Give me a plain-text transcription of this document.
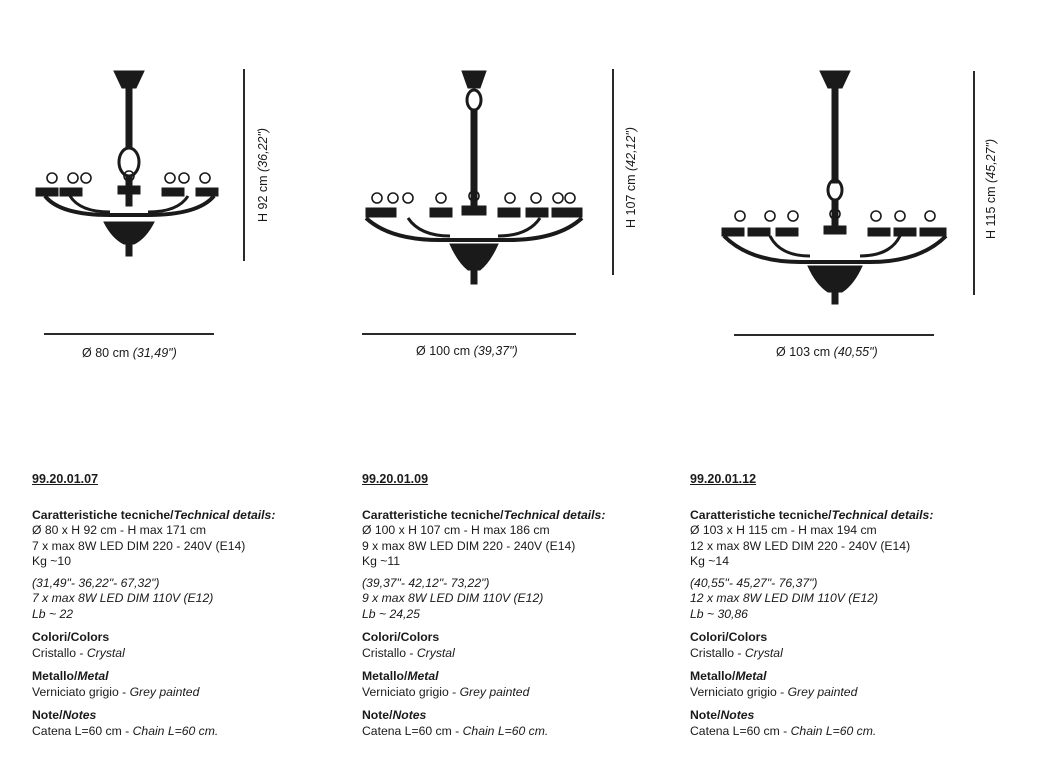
H 92 cm (36,22")
Ø 80 cm (31,49")
99.20.01.07
Caratteristiche tecniche/Technical details:
Ø 80 x H 92 cm - H max 171 cm
7 x max 8W LED DIM 220 - 240V (E14)
Kg ~10
(31,49"- 36,22"- 67,32")
7 x max 8W LED DIM 110V (E12)
Lb ~ 22
Colori/Colors
Cristallo - Crystal
Metallo/Metal
Verniciato grigio - Grey painted
Note/Notes
Catena L=60 cm - Chain L=60 cm.
H 107 cm (42,12")
Ø 100 cm (39,37")
99.20.01.09
Caratteristiche tecniche/Technical details:
Ø 100 x H 107 cm - H max 186 cm
9 x max 8W LED DIM 220 - 240V (E14)
Kg ~11
(39,37"- 42,12"- 73,22")
9 x max 8W LED DIM 110V (E12)
Lb ~ 24,25
Colori/Colors
Cristallo - Crystal
Metallo/Metal
Verniciato grigio - Grey painted
Note/Notes
Catena L=60 cm - Chain L=60 cm.
H 115 cm (45,27")
Ø 103 cm (40,55")
99.20.01.12
Caratteristiche tecniche/Technical details:
Ø 103 x H 115 cm - H max 194 cm
12 x max 8W LED DIM 220 - 240V (E14)
Kg ~14
(40,55"- 45,27"- 76,37")
12 x max 8W LED DIM 110V (E12)
Lb ~ 30,86
Colori/Colors
Cristallo - Crystal
Metallo/Metal
Verniciato grigio - Grey painted
Note/Notes
Catena L=60 cm - Chain L=60 cm.
